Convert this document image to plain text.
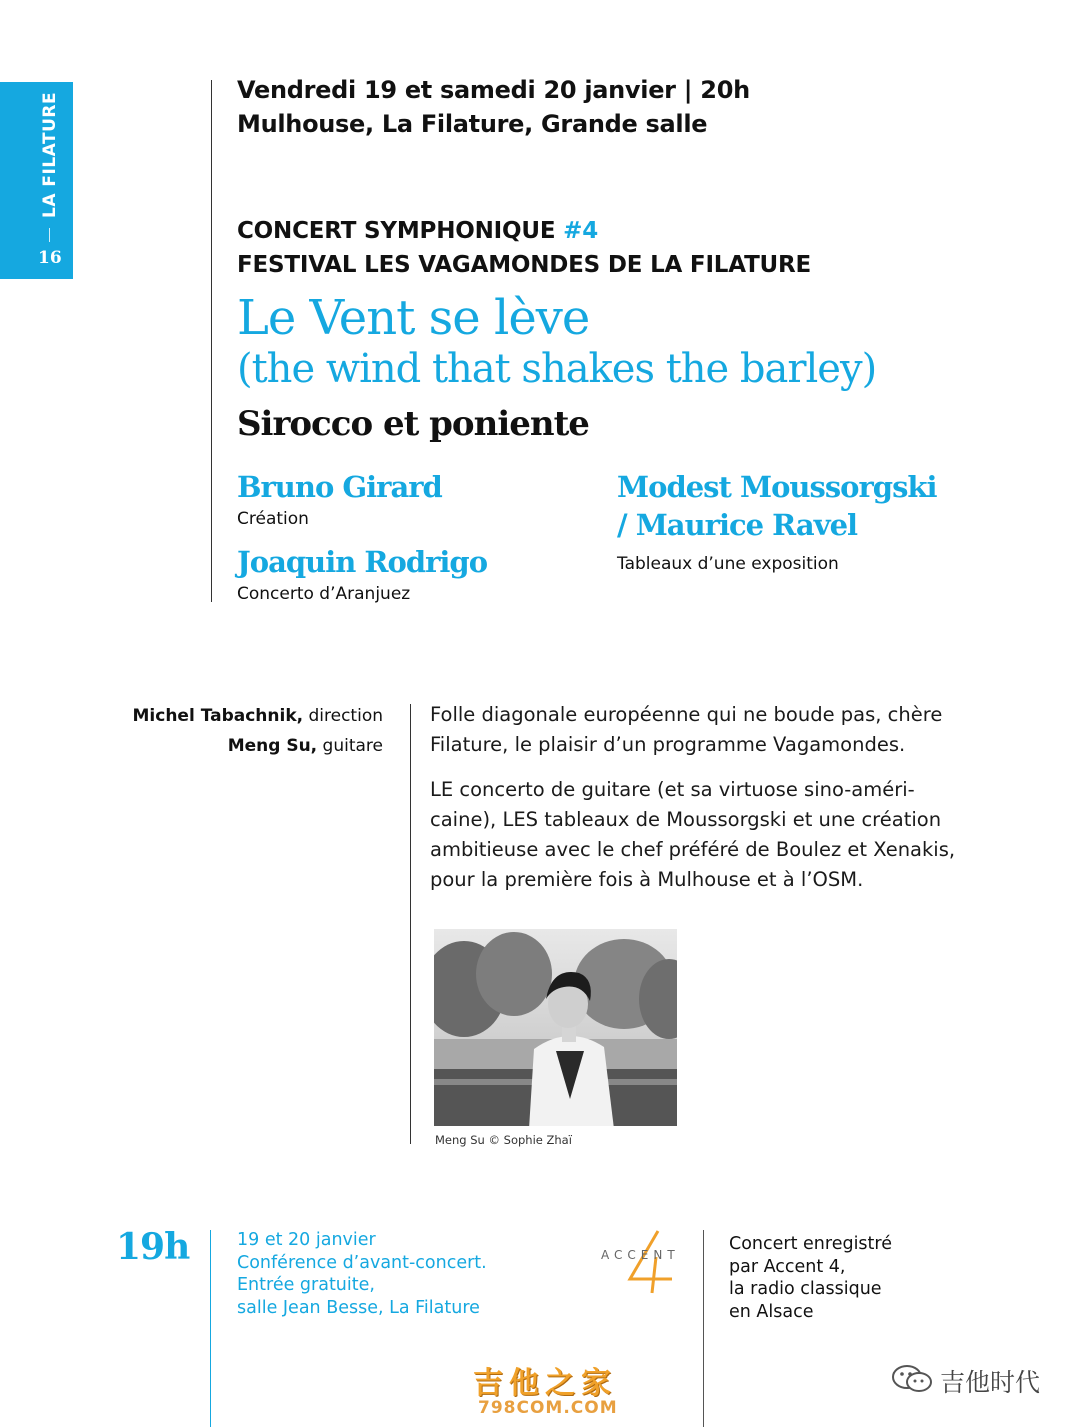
LA FILATURE
16
Vendredi 19 et samedi 20 janvier | 20h
Mulhouse, La Filature, Grande salle
CONCERT SYMPHONIQUE #4
FESTIVAL LES VAGAMONDES DE LA FILATURE
Le Vent se lève
(the wind that shakes the barley)
Sirocco et poniente
Bruno Girard
Création
Joaquin Rodrigo
Concerto d’Aranjuez
Modest Moussorgski
/ Maurice Ravel
Tableaux d’une exposition
Michel Tabachnik, direction
Meng Su, guitare

Folle diagonale européenne qui ne boude pas, chère Filature, le plaisir d’un programme Vagamondes.

LE concerto de guitare (et sa virtuose sino-améri-caine), LES tableaux de Moussorgski et une création ambitieuse avec le chef préféré de Boulez et Xenakis, pour la première fois à Mulhouse et à l’OSM.

Meng Su © Sophie Zhaï
19h	19 et 20 janvier
Conférence d’avant-concert.
Entrée gratuite,
salle Jean Besse, La Filature
ACCENT
Concert enregistré
par Accent 4,
la radio classique
en Alsace
吉他之家
798COM.COM
吉他时代
